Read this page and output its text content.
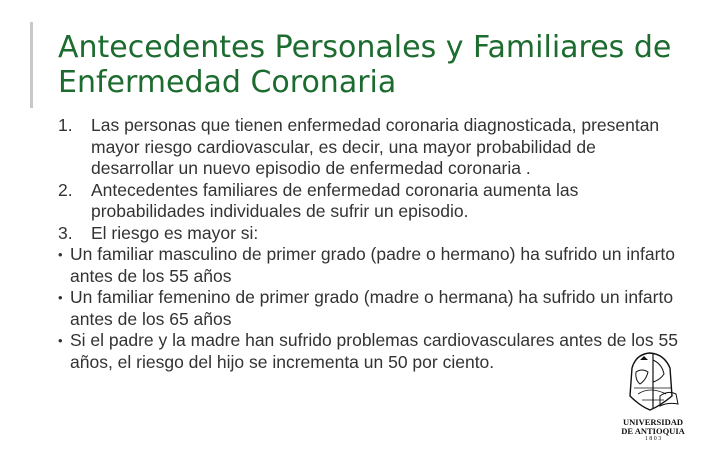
Antecedentes Personales y Familiares de Enfermedad Coronaria
1.	Las personas que tienen enfermedad coronaria diagnosticada, presentan mayor riesgo cardiovascular, es decir, una mayor probabilidad de desarrollar un nuevo episodio de enfermedad coronaria .
2.	Antecedentes familiares de enfermedad coronaria aumenta las probabilidades individuales de sufrir un episodio.
3.	El riesgo es mayor si:
• Un familiar masculino de primer grado (padre o hermano) ha sufrido un infarto antes de los 55 años
• Un familiar femenino de primer grado (madre o hermana) ha sufrido un infarto antes de los 65 años
• Si el padre y la madre han sufrido problemas cardiovasculares antes de los 55 años, el riesgo del hijo se incrementa un 50 por ciento.
UNIVERSIDAD
DE ANTIOQUIA
1 8 0 3
